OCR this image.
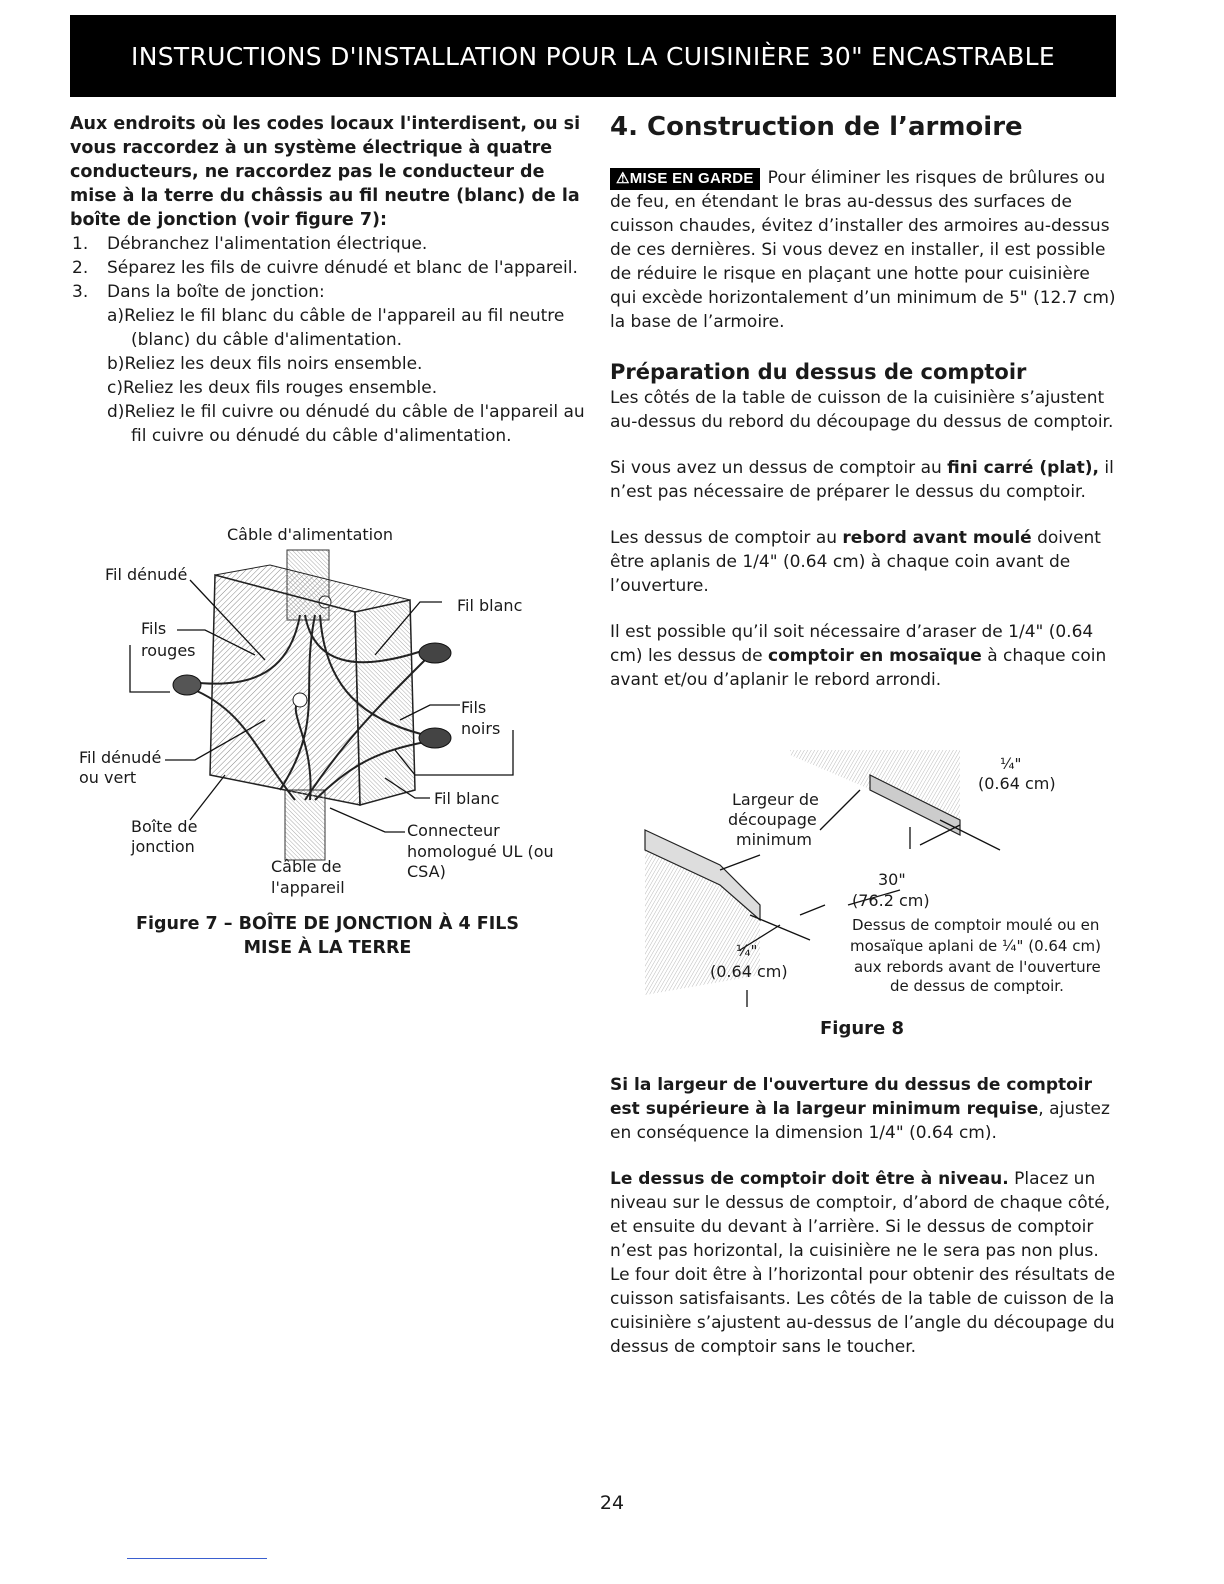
INSTRUCTIONS D'INSTALLATION POUR LA CUISINIÈRE 30" ENCASTRABLE

Aux endroits où les codes locaux l'interdisent, ou si vous raccordez à un système électrique à quatre conducteurs, ne raccordez pas le conducteur de mise à la terre du châssis au fil neutre (blanc) de la boîte de jonction (voir figure 7):

1. Débranchez l'alimentation électrique.
2. Séparez les fils de cuivre dénudé et blanc de l'appareil.
3. Dans la boîte de jonction:
a)Reliez le fil blanc du câble de l'appareil au fil neutre (blanc) du câble d'alimentation.
b)Reliez les deux fils noirs ensemble.
c)Reliez les deux fils rouges ensemble.
d)Reliez le fil cuivre ou dénudé du câble de l'appareil au fil cuivre ou dénudé du câble d'alimentation.
Câble d'alimentation
Fil dénudé
Fils
rouges
Fil blanc
Fils
noirs
Fil dénudé
ou vert
Fil blanc
Boîte de
jonction
Connecteur
homologué UL (ou
CSA)
Câble de
l'appareil
Figure 7 – BOÎTE DE JONCTION À 4 FILS
MISE À LA TERRE
4. Construction de l’armoire

⚠MISE EN GARDE Pour éliminer les risques de brûlures ou de feu, en étendant le bras au-dessus des surfaces de cuisson chaudes, évitez d’installer des armoires au-dessus de ces dernières. Si vous devez en installer, il est possible de réduire le risque en plaçant une hotte pour cuisinière qui excède horizontalement d’un minimum de 5" (12.7 cm) la base de l’armoire.

Préparation du dessus de comptoir

Les côtés de la table de cuisson de la cuisinière s’ajustent au-dessus du rebord du découpage du dessus de comptoir.

Si vous avez un dessus de comptoir au fini carré (plat), il n’est pas nécessaire de préparer le dessus du comptoir.

Les dessus de comptoir au rebord avant moulé doivent être aplanis de 1/4" (0.64 cm) à chaque coin avant de l’ouverture.

Il est possible qu’il soit nécessaire d’araser de 1/4" (0.64 cm) les dessus de comptoir en mosaïque à chaque coin avant et/ou d’aplanir le rebord arrondi.

Largeur de
découpage
minimum
¼"
(0.64 cm)
30"
(76.2 cm)
Dessus de comptoir moulé ou en
mosaïque aplani de ¼" (0.64 cm)
aux rebords avant de l'ouverture
de dessus de comptoir.
¼"
(0.64 cm)
Figure 8

Si la largeur de l'ouverture du dessus de comptoir est supérieure à la largeur minimum requise, ajustez en conséquence la dimension 1/4" (0.64 cm).

Le dessus de comptoir doit être à niveau. Placez un niveau sur le dessus de comptoir, d’abord de chaque côté, et ensuite du devant à l’arrière. Si le dessus de comptoir n’est pas horizontal, la cuisinière ne le sera pas non plus. Le four doit être à l’horizontal pour obtenir des résultats de cuisson satisfaisants. Les côtés de la table de cuisson de la cuisinière s’ajustent au-dessus de l’angle du découpage du dessus de comptoir sans le toucher.

24
